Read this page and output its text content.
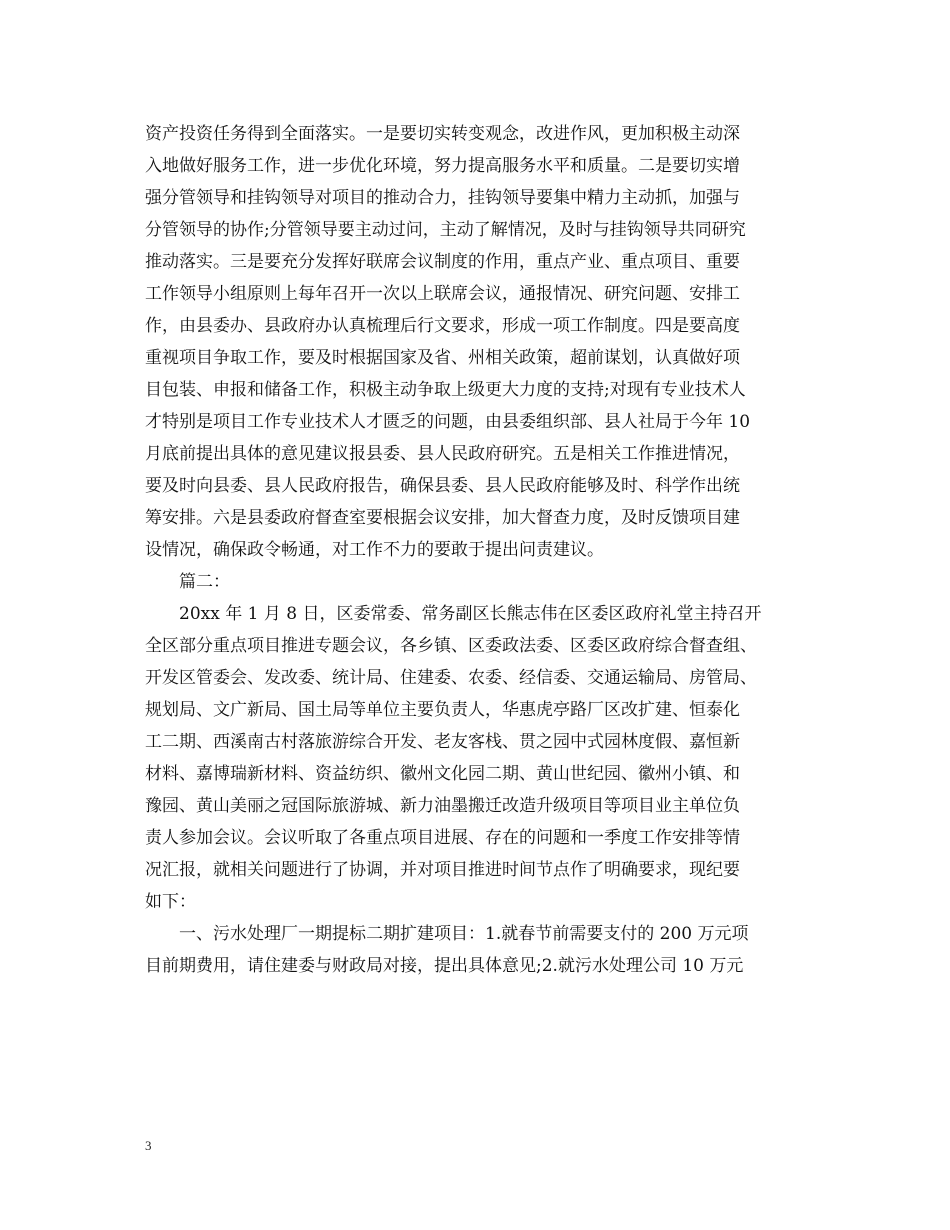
资产投资任务得到全面落实。一是要切实转变观念，改进作风，更加积极主动深
入地做好服务工作，进一步优化环境，努力提高服务水平和质量。二是要切实增
强分管领导和挂钩领导对项目的推动合力，挂钩领导要集中精力主动抓，加强与
分管领导的协作;分管领导要主动过问，主动了解情况，及时与挂钩领导共同研究
推动落实。三是要充分发挥好联席会议制度的作用，重点产业、重点项目、重要
工作领导小组原则上每年召开一次以上联席会议，通报情况、研究问题、安排工
作，由县委办、县政府办认真梳理后行文要求，形成一项工作制度。四是要高度
重视项目争取工作，要及时根据国家及省、州相关政策，超前谋划，认真做好项
目包装、申报和储备工作，积极主动争取上级更大力度的支持;对现有专业技术人
才特别是项目工作专业技术人才匮乏的问题，由县委组织部、县人社局于今年 10
月底前提出具体的意见建议报县委、县人民政府研究。五是相关工作推进情况，
要及时向县委、县人民政府报告，确保县委、县人民政府能够及时、科学作出统
筹安排。六是县委政府督查室要根据会议安排，加大督查力度，及时反馈项目建
设情况，确保政令畅通，对工作不力的要敢于提出问责建议。
篇二：
20xx 年 1 月 8 日，区委常委、常务副区长熊志伟在区委区政府礼堂主持召开
全区部分重点项目推进专题会议，各乡镇、区委政法委、区委区政府综合督查组、
开发区管委会、发改委、统计局、住建委、农委、经信委、交通运输局、房管局、
规划局、文广新局、国土局等单位主要负责人，华惠虎亭路厂区改扩建、恒泰化
工二期、西溪南古村落旅游综合开发、老友客栈、贯之园中式园林度假、嘉恒新
材料、嘉博瑞新材料、资益纺织、徽州文化园二期、黄山世纪园、徽州小镇、和
豫园、黄山美丽之冠国际旅游城、新力油墨搬迁改造升级项目等项目业主单位负
责人参加会议。会议听取了各重点项目进展、存在的问题和一季度工作安排等情
况汇报，就相关问题进行了协调，并对项目推进时间节点作了明确要求，现纪要
如下：
一、污水处理厂一期提标二期扩建项目：1.就春节前需要支付的 200 万元项
目前期费用，请住建委与财政局对接，提出具体意见;2.就污水处理公司 10 万元
3
